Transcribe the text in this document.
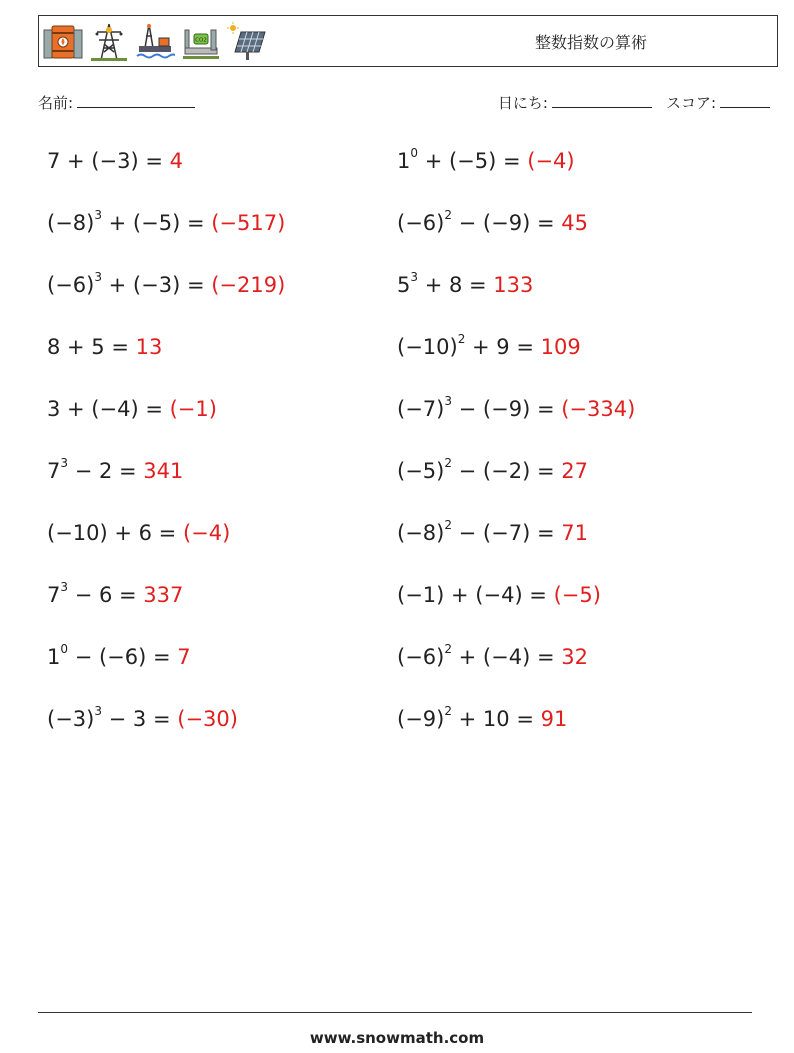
CO2	整数指数の算術
名前:	日にち:	スコア:
7 + (−3) = 4	$1^0 + (-5) = (-4)$
$(-8)^3 + (-5) = (-517)$	$(-6)^2 - (-9) = 45$
$(-6)^3 + (-3) = (-219)$	$5^3 + 8 = 133$
8 + 5 = 13	$(-10)^2 + 9 = 109$
3 + (−4) = (−1)	$(-7)^3 - (-9) = (-334)$
$7^3 - 2 = 341$	$(-5)^2 - (-2) = 27$
(−10) + 6 = (−4)	$(-8)^2 - (-7) = 71$
$7^3 - 6 = 337$	(−1) + (−4) = (−5)
$1^0 - (-6) = 7$	$(-6)^2 + (-4) = 32$
$(-3)^3 - 3 = (-30)$	$(-9)^2 + 10 = 91$
www.snowmath.com
